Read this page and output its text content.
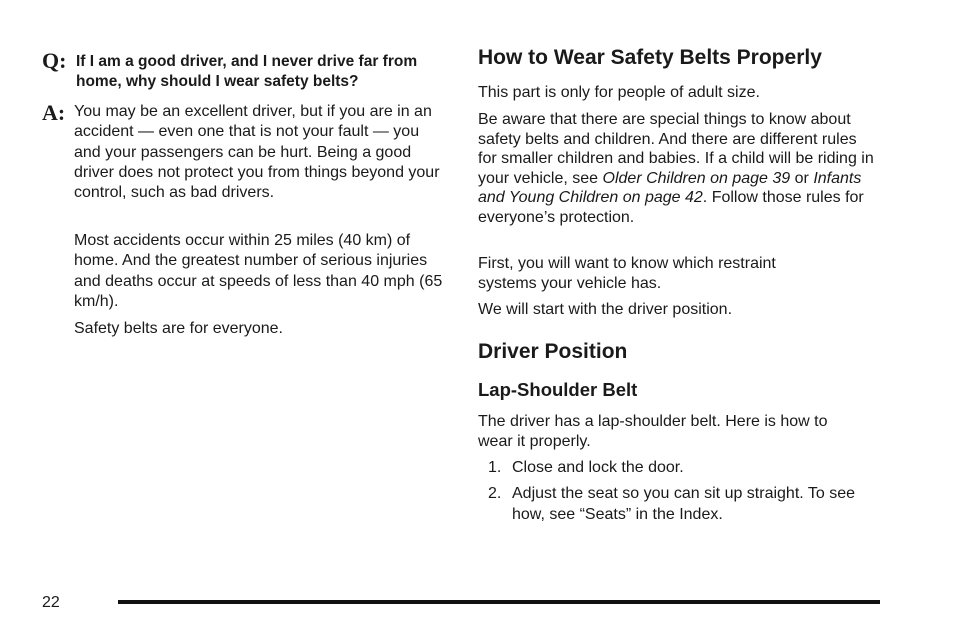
Q: If I am a good driver, and I never drive far from home, why should I wear safety belts?
A: You may be an excellent driver, but if you are in an accident — even one that is not your fault — you and your passengers can be hurt. Being a good driver does not protect you from things beyond your control, such as bad drivers.

Most accidents occur within 25 miles (40 km) of home. And the greatest number of serious injuries and deaths occur at speeds of less than 40 mph (65 km/h).

Safety belts are for everyone.

How to Wear Safety Belts Properly

This part is only for people of adult size.

Be aware that there are special things to know about safety belts and children. And there are different rules for smaller children and babies. If a child will be riding in your vehicle, see Older Children on page 39 or Infants and Young Children on page 42. Follow those rules for everyone’s protection.

First, you will want to know which restraint systems your vehicle has.

We will start with the driver position.

Driver Position
Lap-Shoulder Belt

The driver has a lap-shoulder belt. Here is how to wear it properly.

1. Close and lock the door.
2. Adjust the seat so you can sit up straight. To see how, see “Seats” in the Index.
22
